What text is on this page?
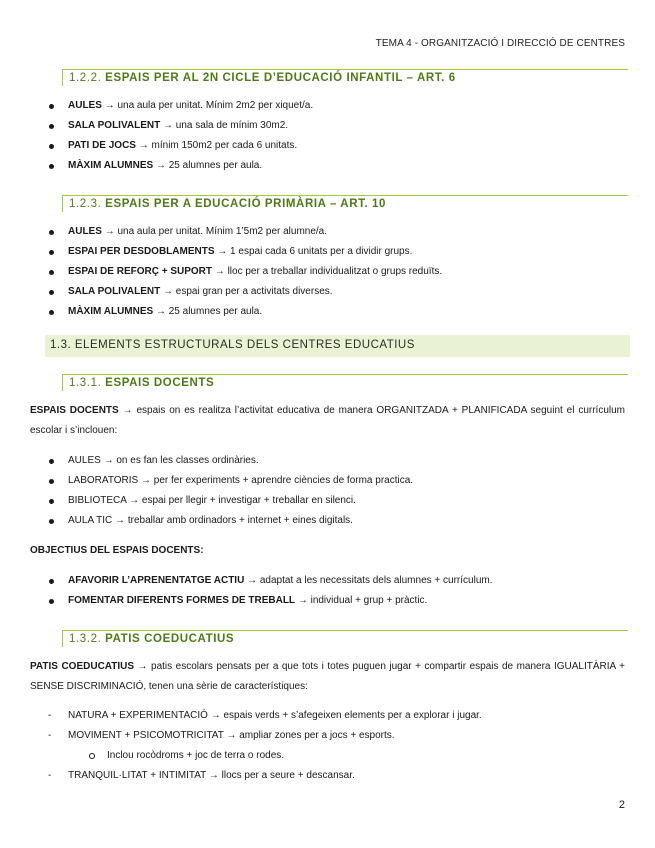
TEMA 4 - ORGANITZACIÓ I DIRECCIÓ DE CENTRES
1.2.2. ESPAIS PER AL 2N CICLE D’EDUCACIÓ INFANTIL – ART. 6
AULES → una aula per unitat. Mínim 2m2 per xiquet/a.
SALA POLIVALENT → una sala de mínim 30m2.
PATI DE JOCS → mínim 150m2 per cada 6 unitats.
MÀXIM ALUMNES → 25 alumnes per aula.
1.2.3. ESPAIS PER A EDUCACIÓ PRIMÀRIA – ART. 10
AULES → una aula per unitat. Mínim 1’5m2 per alumne/a.
ESPAI PER DESDOBLAMENTS → 1 espai cada 6 unitats per a dividir grups.
ESPAI DE REFORÇ + SUPORT → lloc per a treballar individualitzat o grups reduïts.
SALA POLIVALENT → espai gran per a activitats diverses.
MÀXIM ALUMNES → 25 alumnes per aula.
1.3. ELEMENTS ESTRUCTURALS DELS CENTRES EDUCATIUS
1.3.1. ESPAIS DOCENTS
ESPAIS DOCENTS → espais on es realitza l’activitat educativa de manera ORGANITZADA + PLANIFICADA seguint el currículum escolar i s’inclouen:
AULES → on es fan les classes ordinàries.
LABORATORIS → per fer experiments + aprendre ciències de forma practica.
BIBLIOTECA → espai per llegir + investigar + treballar en silenci.
AULA TIC → treballar amb ordinadors + internet + eines digitals.
OBJECTIUS DEL ESPAIS DOCENTS:
AFAVORIR L’APRENENTATGE ACTIU → adaptat a les necessitats dels alumnes + currículum.
FOMENTAR DIFERENTS FORMES DE TREBALL → individual + grup + pràctic.
1.3.2. PATIS COEDUCATIUS
PATIS COEDUCATIUS → patis escolars pensats per a que tots i totes puguen jugar + compartir espais de manera IGUALITÀRIA + SENSE DISCRIMINACIÓ, tenen una sèrie de característiques:
- NATURA + EXPERIMENTACIÓ → espais verds + s’afegeixen elements per a explorar i jugar.
- MOVIMENT + PSICOMOTRICITAT → ampliar zones per a jocs + esports.
Inclou rocòdroms + joc de terra o rodes.
- TRANQUIL·LITAT + INTIMITAT → llocs per a seure + descansar.
2
